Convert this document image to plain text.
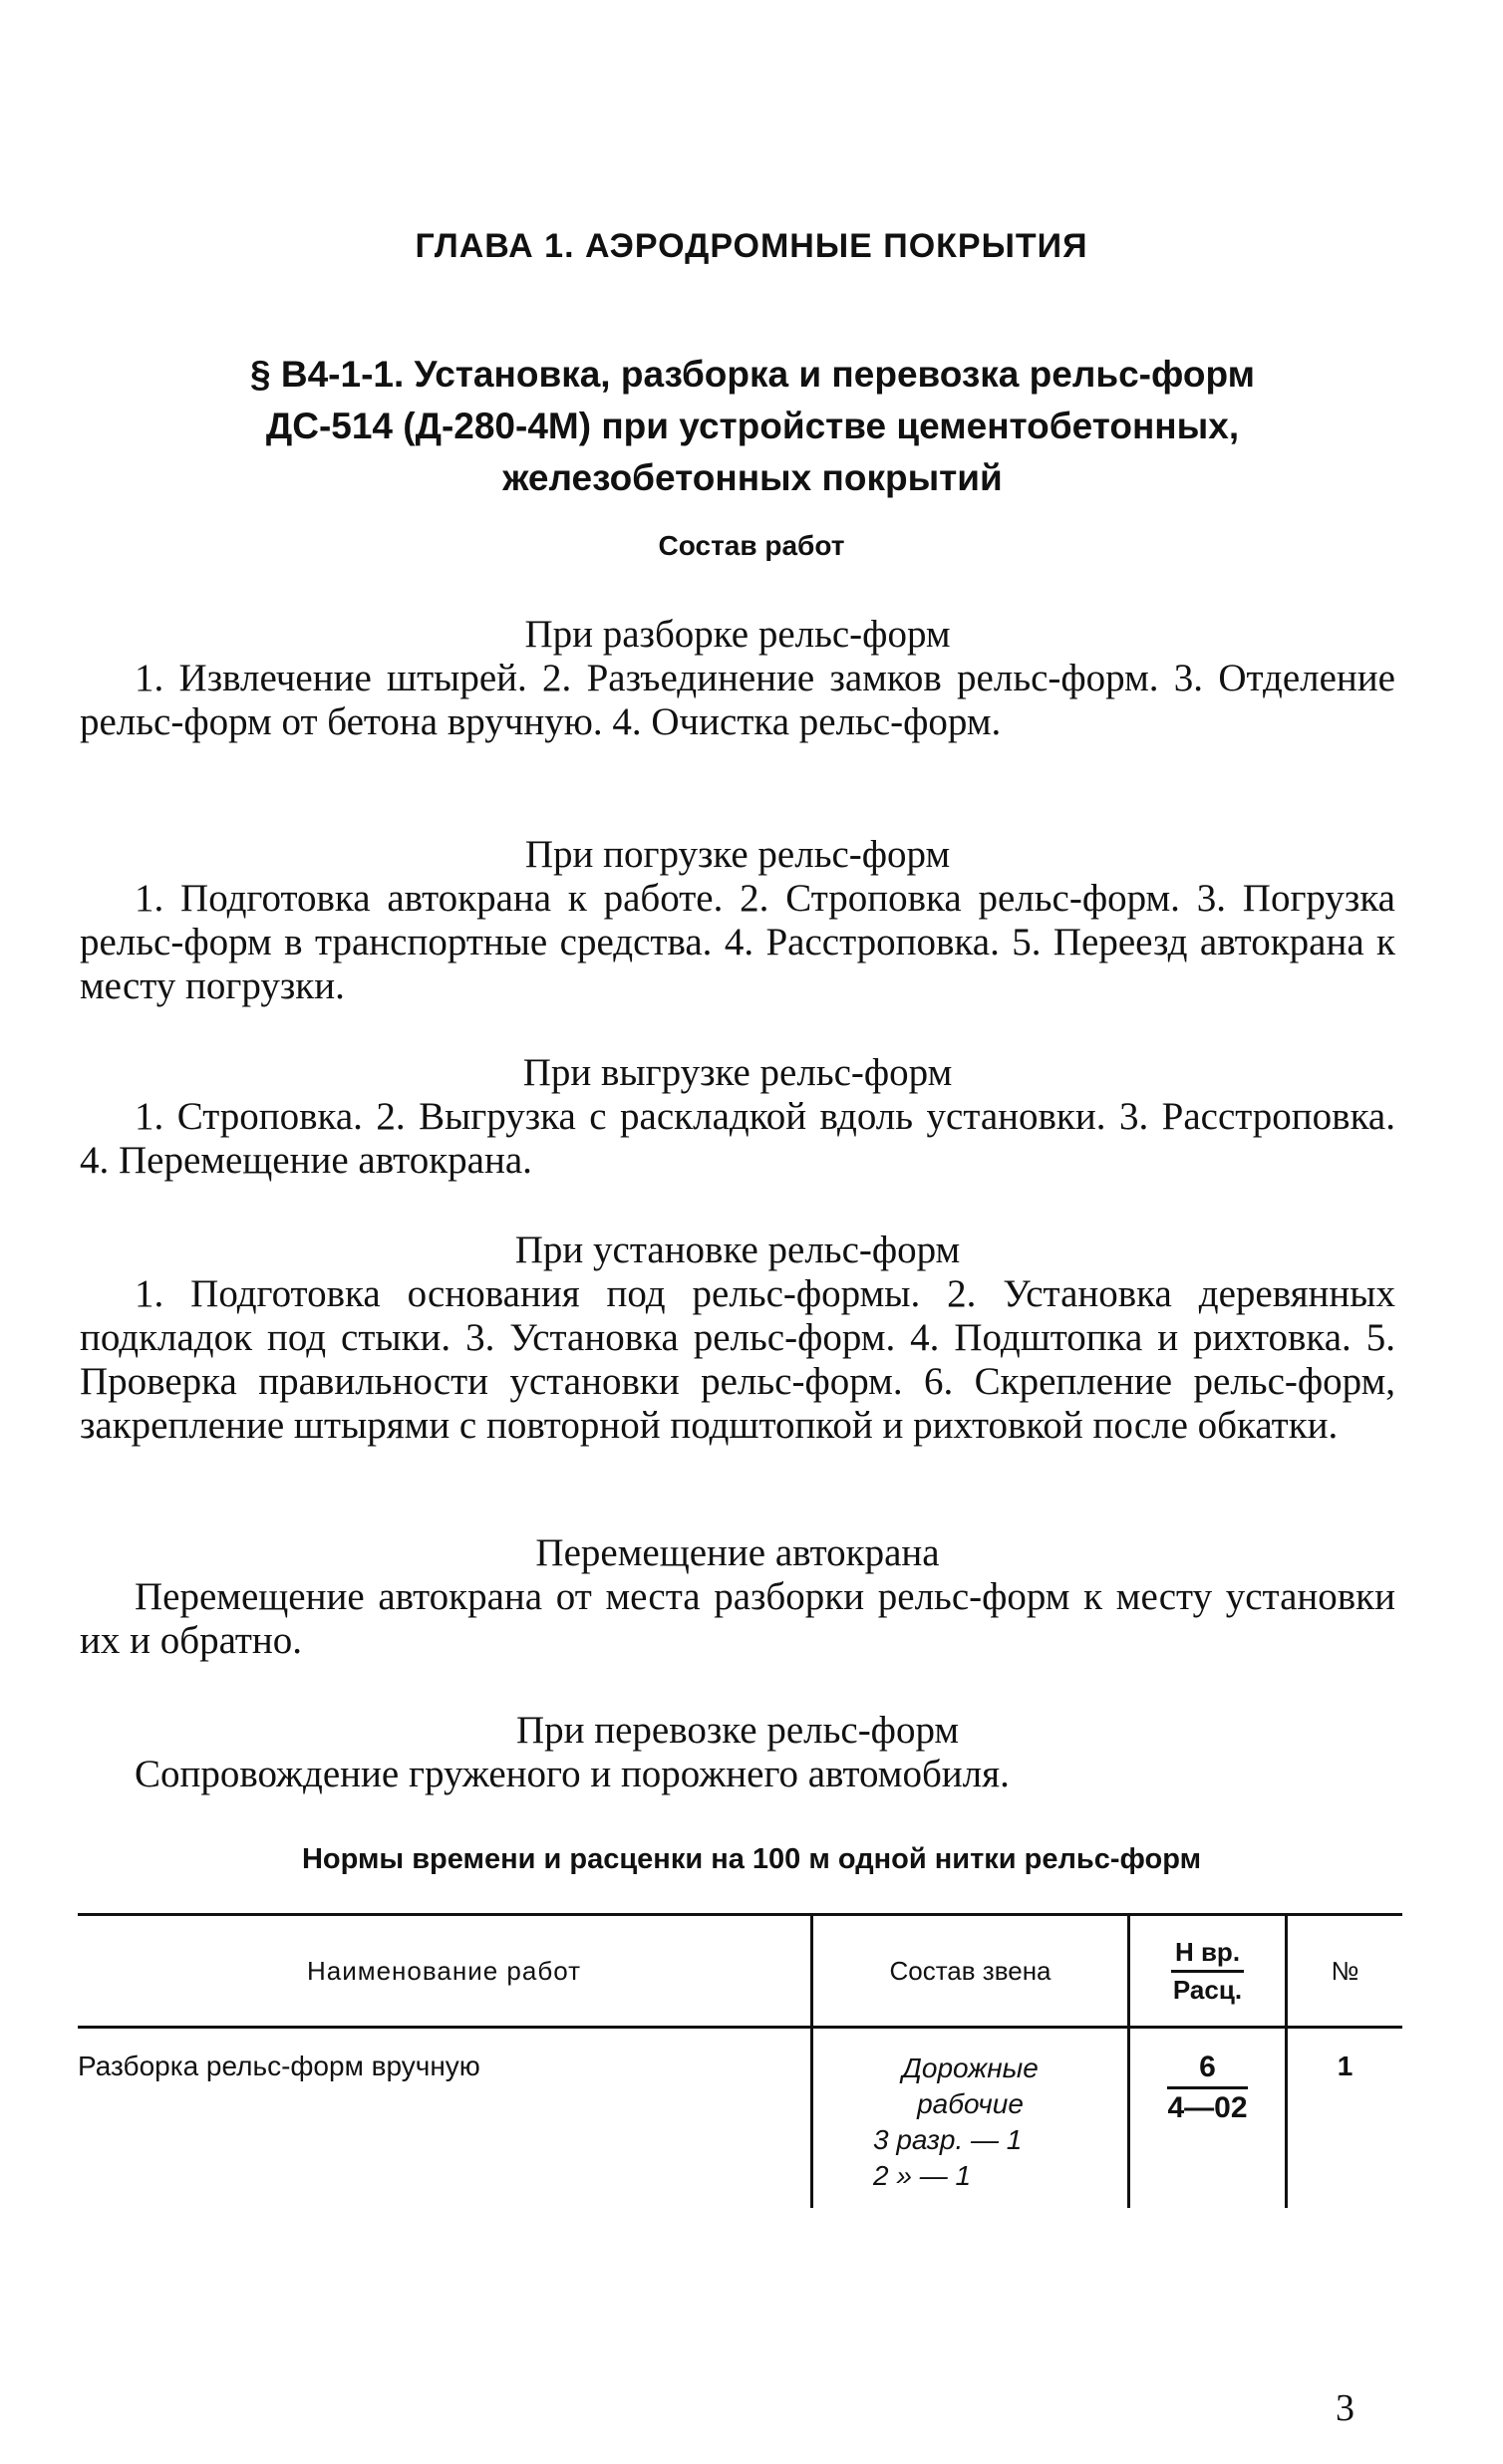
ГЛАВА 1. АЭРОДРОМНЫЕ ПОКРЫТИЯ
§ В4-1-1. Установка, разборка и перевозка рельс-форм
ДС-514 (Д-280-4М) при устройстве цементобетонных,
железобетонных покрытий
Состав работ
При разборке рельс-форм
1. Извлечение штырей. 2. Разъединение замков рельс-форм. 3. Отделение рельс-форм от бетона вручную. 4. Очистка рельс-форм.
При погрузке рельс-форм
1. Подготовка автокрана к работе. 2. Строповка рельс-форм. 3. Погрузка рельс-форм в транспортные средства. 4. Расстроповка. 5. Переезд автокрана к месту погрузки.
При выгрузке рельс-форм
1. Строповка. 2. Выгрузка с раскладкой вдоль установки. 3. Расстроповка. 4. Перемещение автокрана.
При установке рельс-форм
1. Подготовка основания под рельс-формы. 2. Установка деревянных подкладок под стыки. 3. Установка рельс-форм. 4. Подштопка и рихтовка. 5. Проверка правильности установки рельс-форм. 6. Скрепление рельс-форм, закрепление штырями с повторной подштопкой и рихтовкой после обкатки.
Перемещение автокрана
Перемещение автокрана от места разборки рельс-форм к месту установки их и обратно.
При перевозке рельс-форм
Сопровождение груженого и порожнего автомобиля.
Нормы времени и расценки на 100 м одной нитки рельс-форм
Наименование работ	Состав звена	$\frac{\text{Н вр.}}{\text{Расц.}}$	№
Разборка рельс-форм вручную	Дорожные
рабочие
3 разр. — 1
2 » — 1	$\frac{6}{4—02}$	1
3
